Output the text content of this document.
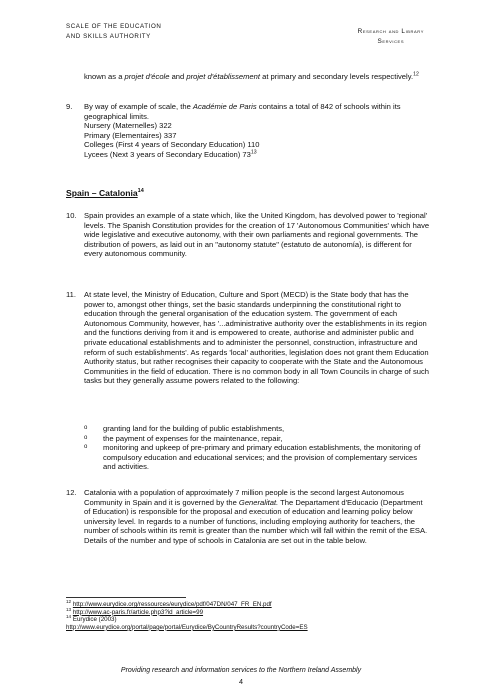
SCALE OF THE EDUCATION
AND SKILLS AUTHORITY
Research and Library
Services
known as a projet d'école and projet d'établissement at primary and secondary levels respectively.$^{12}$
9.	By way of example of scale, the Académie de Paris contains a total of 842 of schools within its geographical limits.
Nursery (Maternelles) 322
Primary (Elementaires) 337
Colleges (First 4 years of Secondary Education) 110
Lycees (Next 3 years of Secondary Education) $73^{13}$
Spain – Catalonia$^{14}$
10. Spain provides an example of a state which, like the United Kingdom, has devolved power to 'regional' levels. The Spanish Constitution provides for the creation of 17 'Autonomous Communities' which have wide legislative and executive autonomy, with their own parliaments and regional governments. The distribution of powers, as laid out in an "autonomy statute" (estatuto de autonomía), is different for every autonomous community.
11.	At state level, the Ministry of Education, Culture and Sport (MECD) is the State body that has the power to, amongst other things, set the basic standards underpinning the constitutional right to education through the general organisation of the education system. The government of each Autonomous Community, however, has '...administrative authority over the establishments in its region and the functions deriving from it and is empowered to create, authorise and administer public and private educational establishments and to administer the personnel, construction, infrastructure and reform of such establishments'. As regards 'local' authorities, legislation does not grant them Education Authority status, but rather recognises their capacity to cooperate with the State and the Autonomous Communities in the field of education. There is no common body in all Town Councils in charge of such tasks but they generally assume powers related to the following:
o granting land for the building of public establishments,
o the payment of expenses for the maintenance, repair,
o monitoring and upkeep of pre-primary and primary education establishments, the monitoring of compulsory education and educational services; and the provision of complementary services and activities.
12. Catalonia with a population of approximately 7 million people is the second largest Autonomous Community in Spain and it is governed by the Generalitat. The Departament d'Educacio (Department of Education) is responsible for the proposal and execution of education and learning policy below university level. In regards to a number of functions, including employing authority for teachers, the number of schools within its remit is greater than the number which will fall within the remit of the ESA. Details of the number and type of schools in Catalonia are set out in the table below.
$^{12}$ http://www.eurydice.org/ressources/eurydice/pdf/047DN/047_FR_EN.pdf
$^{13}$ http://www.ac-paris.fr/article.php3?id_article=99
$^{14}$ Eurydice (2003)
http://www.eurydice.org/portal/page/portal/Eurydice/ByCountryResults?countryCode=ES
Providing research and information services to the Northern Ireland Assembly
4
